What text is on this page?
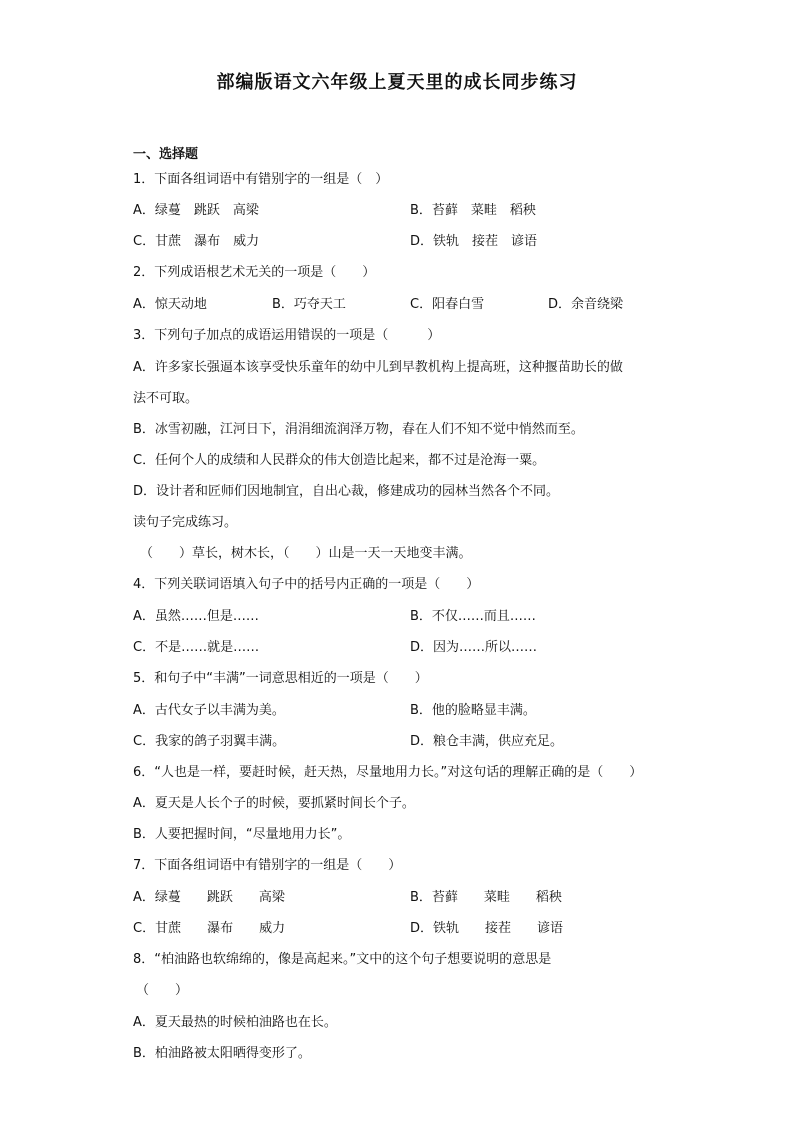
部编版语文六年级上夏天里的成长同步练习
一、选择题
1．下面各组词语中有错别字的一组是（　）
A．绿蔓　跳跃　高梁	B．苔藓　菜畦　稻秧
C．甘蔗　瀑布　威力	D．铁轨　接茬　谚语
2．下列成语根艺术无关的一项是（　　）
A．惊天动地	B．巧夺天工	C．阳春白雪	D．余音绕梁
3．下列句子加点的成语运用错误的一项是（　　　）
A．许多家长强逼本该享受快乐童年的幼中儿到早教机构上提高班，这种揠苗助长的做
法不可取。
B．冰雪初融，江河日下，涓涓细流润泽万物，春在人们不知不觉中悄然而至。
C．任何个人的成绩和人民群众的伟大创造比起来，都不过是沧海一粟。
D．设计者和匠师们因地制宜，自出心裁，修建成功的园林当然各个不同。
读句子完成练习。
（　　）草长，树木长，（　　）山是一天一天地变丰满。
4．下列关联词语填入句子中的括号内正确的一项是（　　）
A．虽然……但是……	B．不仅……而且……
C．不是……就是……	D．因为……所以……
5．和句子中“丰满”一词意思相近的一项是（　　）
A．古代女子以丰满为美。	B．他的脸略显丰满。
C．我家的鸽子羽翼丰满。	D．粮仓丰满，供应充足。
6．“人也是一样，要赶时候，赶天热，尽量地用力长。”对这句话的理解正确的是（　　）
A．夏天是人长个子的时候，要抓紧时间长个子。
B．人要把握时间，“尽量地用力长”。
7．下面各组词语中有错别字的一组是（　　）
A．绿蔓　　跳跃　　高梁	B．苔藓　　菜畦　　稻秧
C．甘蔗　　瀑布　　威力	D．铁轨　　接茬　　谚语
8．“柏油路也软绵绵的，像是高起来。”文中的这个句子想要说明的意思是
（　　）
A．夏天最热的时候柏油路也在长。
B．柏油路被太阳晒得变形了。
